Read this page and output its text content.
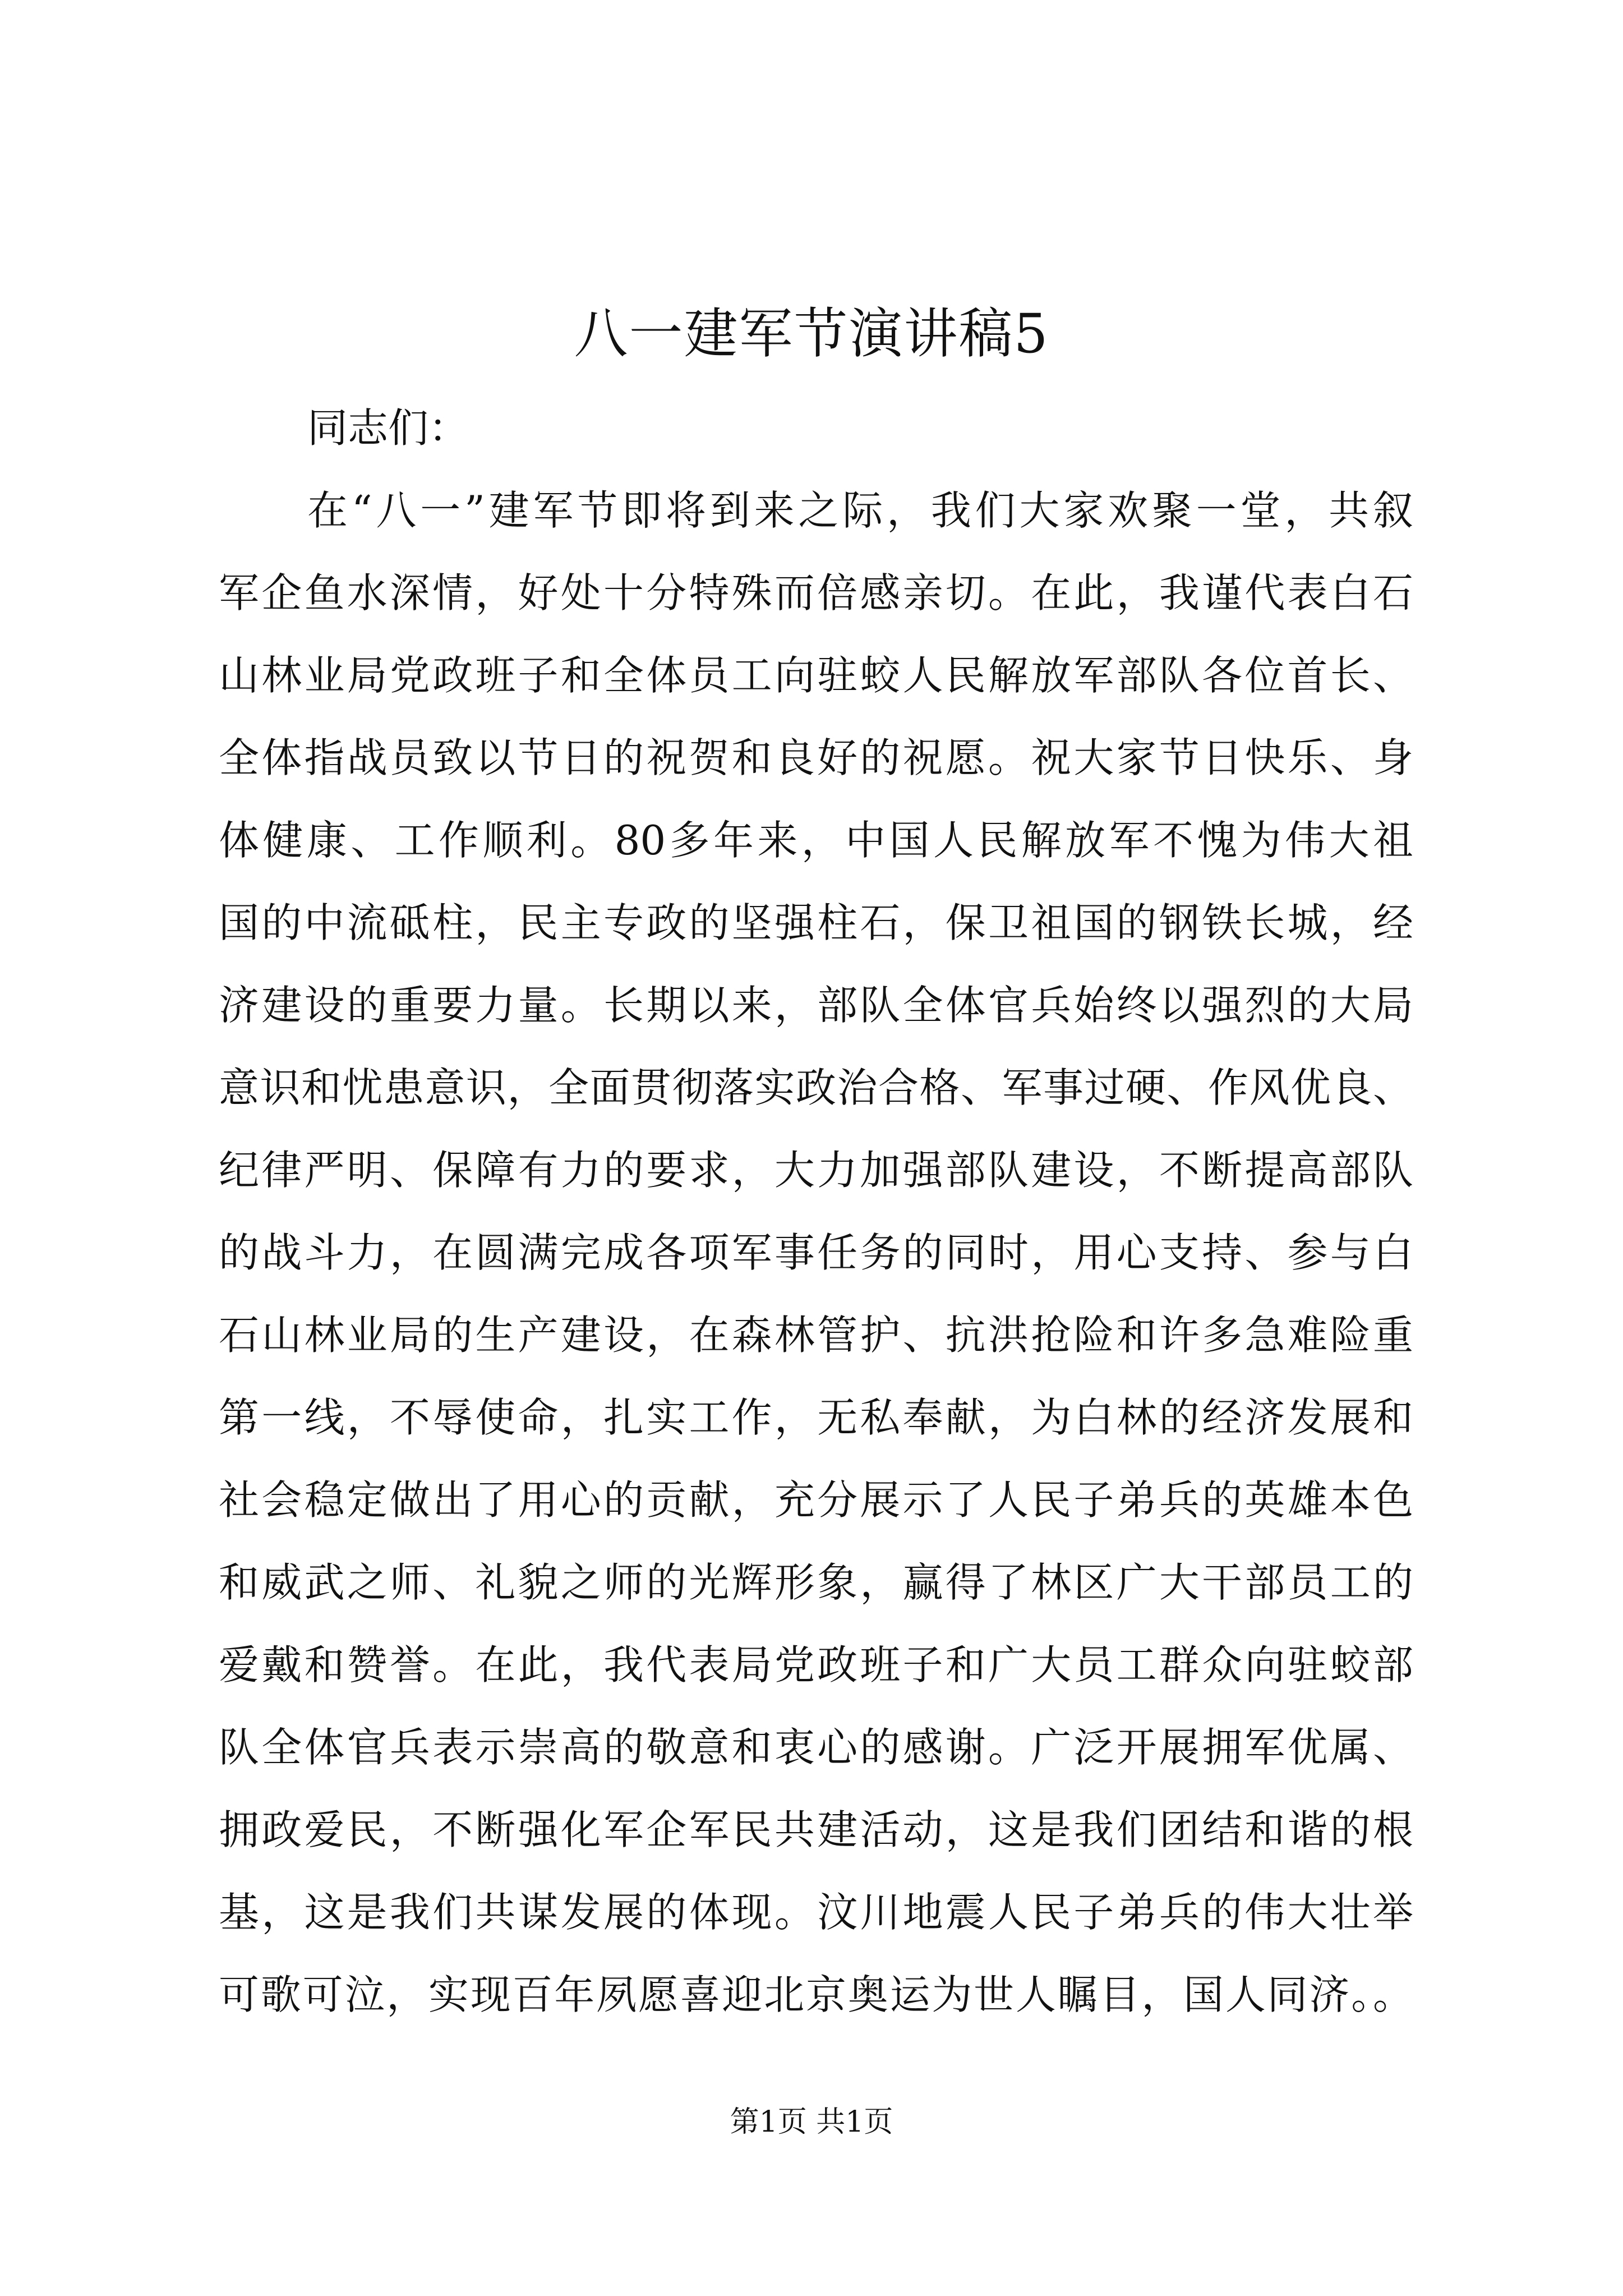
八一建军节演讲稿5

同志们：

在“八一”建军节即将到来之际，我们大家欢聚一堂，共叙

军企鱼水深情，好处十分特殊而倍感亲切。在此，我谨代表白石

山林业局党政班子和全体员工向驻蛟人民解放军部队各位首长、

全体指战员致以节日的祝贺和良好的祝愿。祝大家节日快乐、身

体健康、工作顺利。80多年来，中国人民解放军不愧为伟大祖

国的中流砥柱，民主专政的坚强柱石，保卫祖国的钢铁长城，经

济建设的重要力量。长期以来，部队全体官兵始终以强烈的大局

意识和忧患意识，全面贯彻落实政治合格、军事过硬、作风优良、

纪律严明、保障有力的要求，大力加强部队建设，不断提高部队

的战斗力，在圆满完成各项军事任务的同时，用心支持、参与白

石山林业局的生产建设，在森林管护、抗洪抢险和许多急难险重

第一线，不辱使命，扎实工作，无私奉献，为白林的经济发展和

社会稳定做出了用心的贡献，充分展示了人民子弟兵的英雄本色

和威武之师、礼貌之师的光辉形象，赢得了林区广大干部员工的

爱戴和赞誉。在此，我代表局党政班子和广大员工群众向驻蛟部

队全体官兵表示崇高的敬意和衷心的感谢。广泛开展拥军优属、

拥政爱民，不断强化军企军民共建活动，这是我们团结和谐的根

基，这是我们共谋发展的体现。汶川地震人民子弟兵的伟大壮举

可歌可泣，实现百年夙愿喜迎北京奥运为世人瞩目，国人同济。。

第1页 共1页
